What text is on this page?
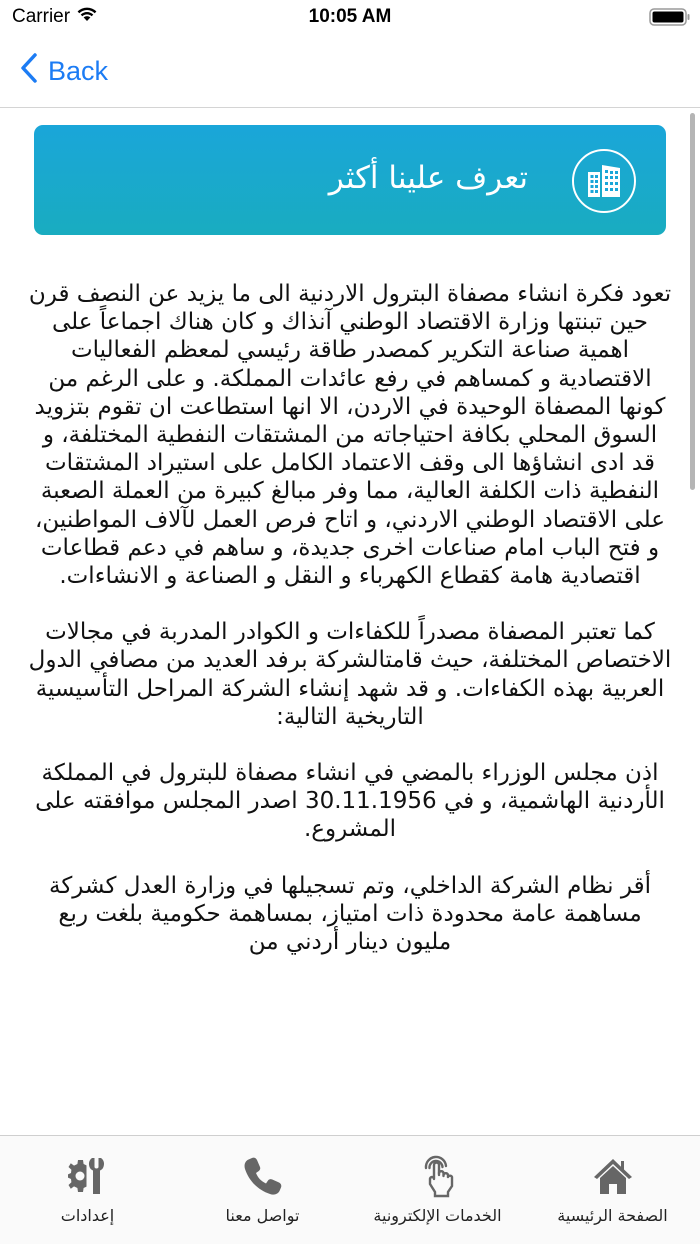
Carrier	10:05 AM
Back
تعرف علينا أكثر

تعود فكرة انشاء مصفاة البترول الاردنية الى ما يزيد عن النصف قرن حين تبنتها وزارة الاقتصاد الوطني آنذاك و كان هناك اجماعاً على اهمية صناعة التكرير كمصدر طاقة رئيسي لمعظم الفعاليات الاقتصادية و كمساهم في رفع عائدات المملكة. و على الرغم من كونها المصفاة الوحيدة في الاردن، الا انها استطاعت ان تقوم بتزويد السوق المحلي بكافة احتياجاته من المشتقات النفطية المختلفة، و قد ادى انشاؤها الى وقف الاعتماد الكامل على استيراد المشتقات النفطية ذات الكلفة العالية، مما وفر مبالغ كبيرة من العملة الصعبة على الاقتصاد الوطني الاردني، و اتاح فرص العمل لآلاف المواطنين، و فتح الباب امام صناعات اخرى جديدة، و ساهم في دعم قطاعات اقتصادية هامة كقطاع الكهرباء و النقل و الصناعة و الانشاءات.

كما تعتبر المصفاة مصدراً للكفاءات و الكوادر المدربة في مجالات الاختصاص المختلفة، حيث قامتالشركة برفد العديد من مصافي الدول العربية بهذه الكفاءات. و قد شهد إنشاء الشركة المراحل التأسيسية التاريخية التالية:

اذن مجلس الوزراء بالمضي في انشاء مصفاة للبترول في المملكة الأردنية الهاشمية، و في 30.11.1956 اصدر المجلس موافقته على المشروع.

أقر نظام الشركة الداخلي، وتم تسجيلها في وزارة العدل كشركة مساهمة عامة محدودة ذات امتياز، بمساهمة حكومية بلغت ربع مليون دينار أردني من

الصفحة الرئيسية
الخدمات الإلكترونية
تواصل معنا
إعدادات
